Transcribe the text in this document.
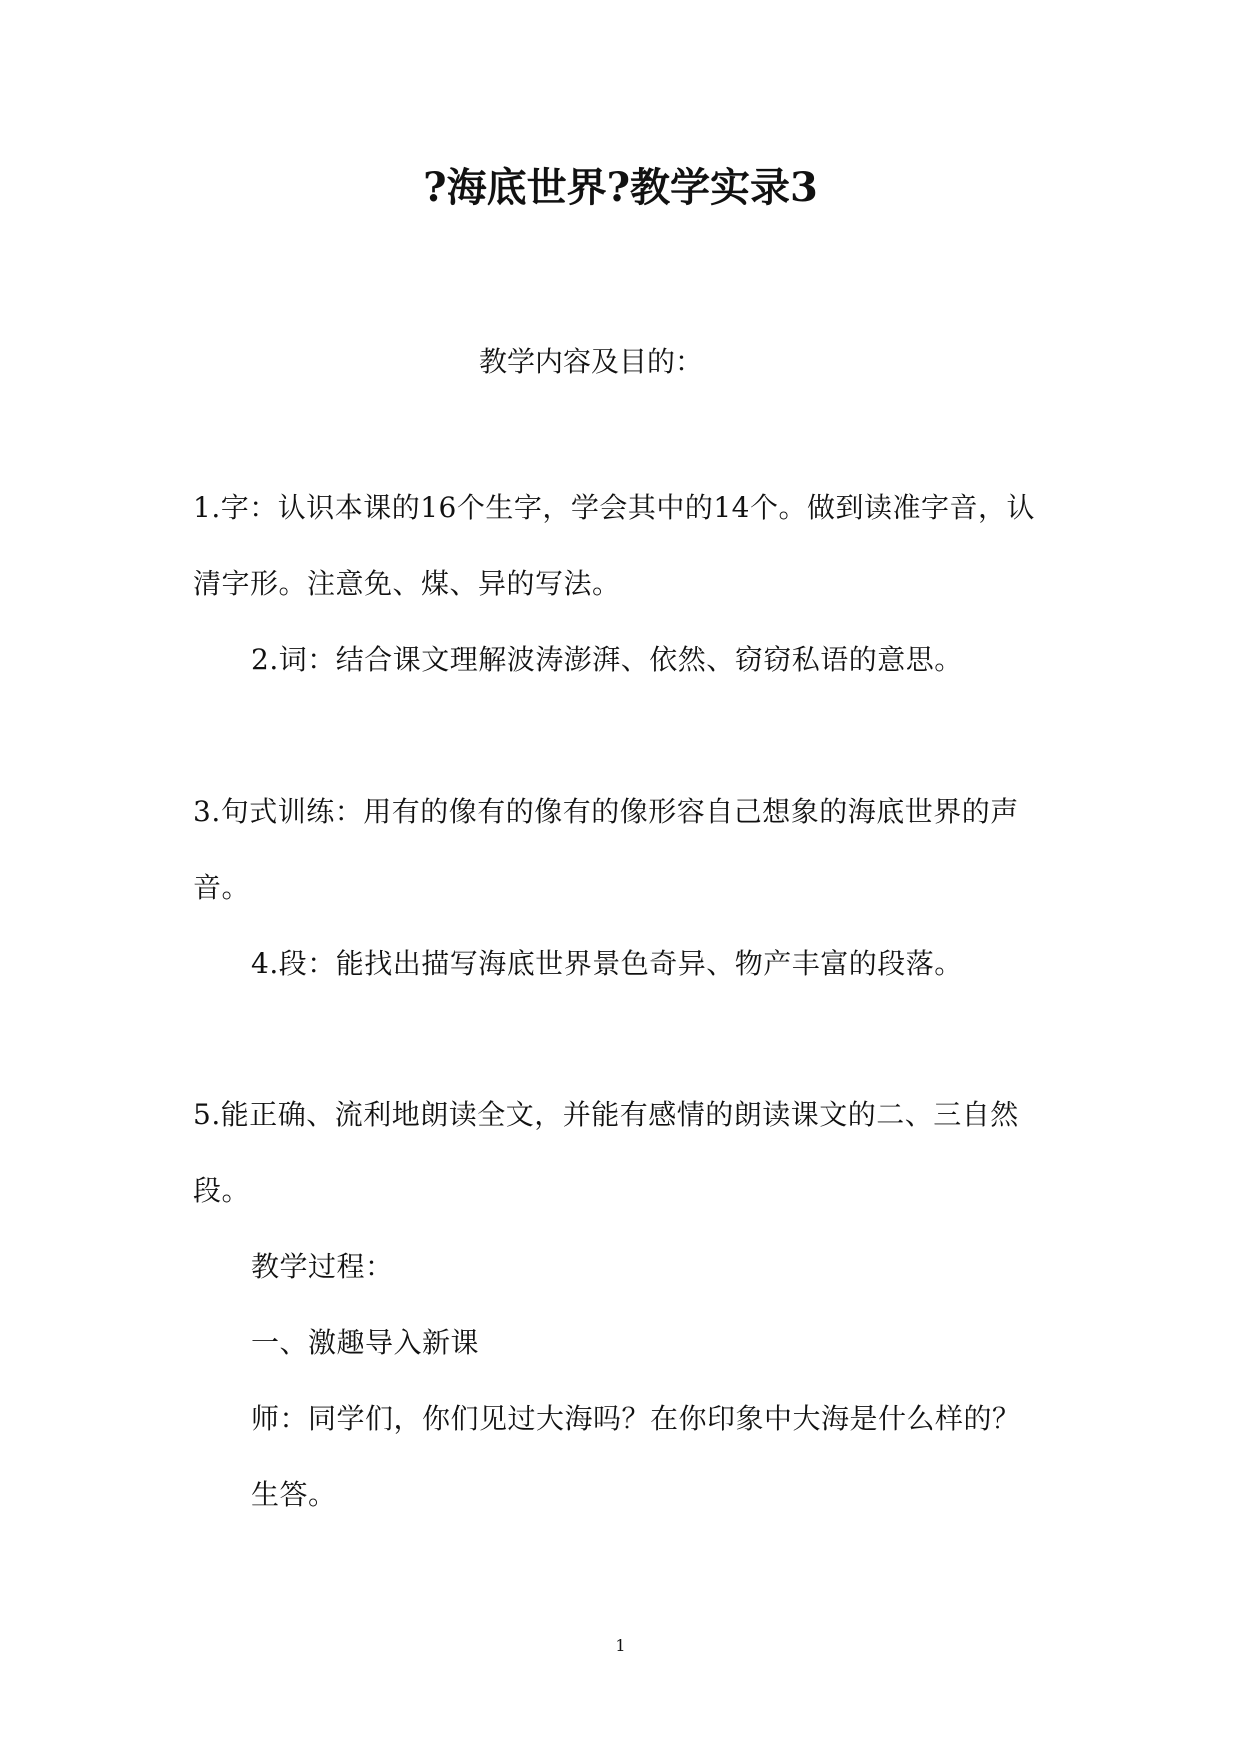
?海底世界?教学实录3
教学内容及目的：
1.字：认识本课的16个生字，学会其中的14个。做到读准字音，认清字形。注意免、煤、异的写法。
2.词：结合课文理解波涛澎湃、依然、窃窃私语的意思。
3.句式训练：用有的像有的像有的像形容自己想象的海底世界的声音。
4.段：能找出描写海底世界景色奇异、物产丰富的段落。
5.能正确、流利地朗读全文，并能有感情的朗读课文的二、三自然段。
教学过程：
一、激趣导入新课
师：同学们，你们见过大海吗？在你印象中大海是什么样的？
生答。
1
